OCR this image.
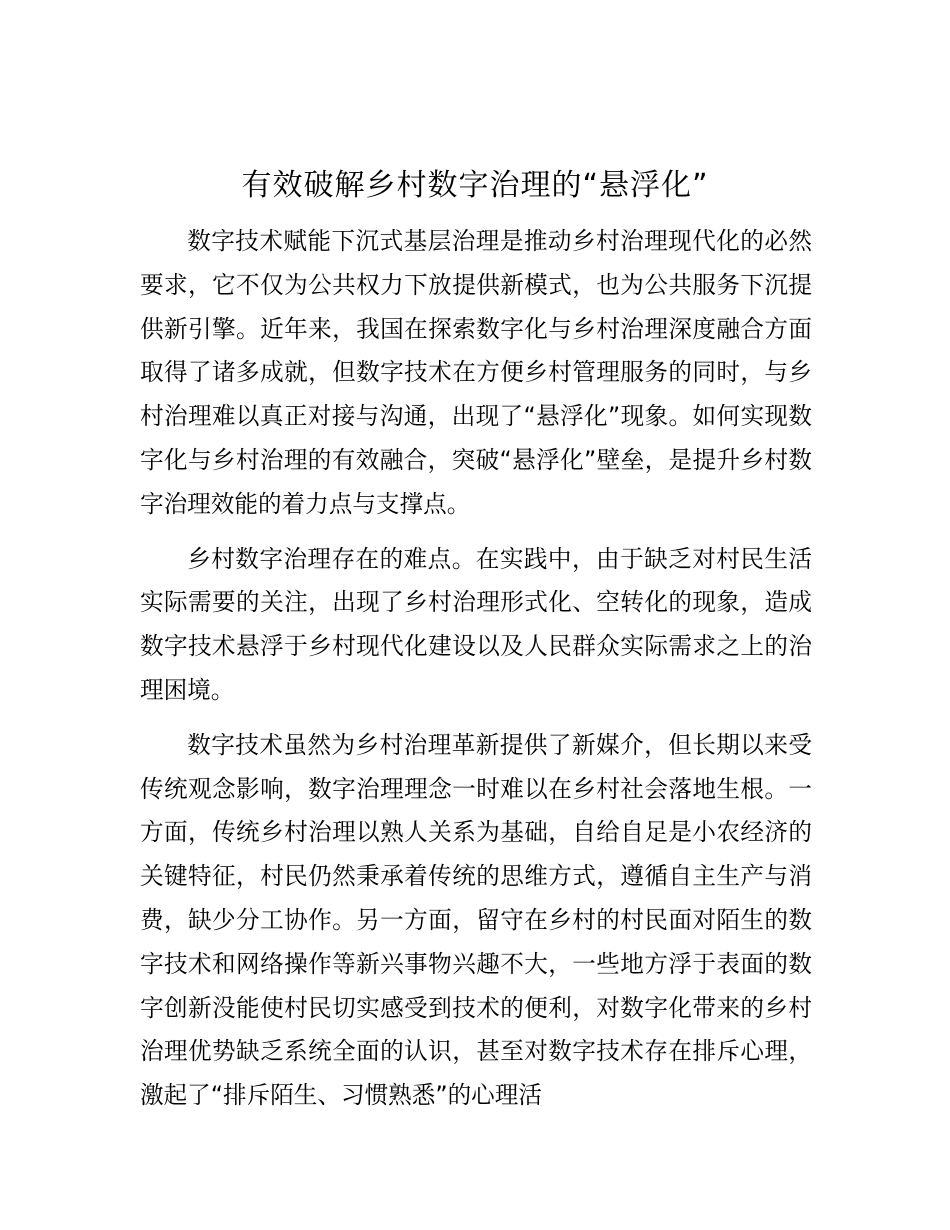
有效破解乡村数字治理的“悬浮化”

数字技术赋能下沉式基层治理是推动乡村治理现代化的必然要求，它不仅为公共权力下放提供新模式，也为公共服务下沉提供新引擎。近年来，我国在探索数字化与乡村治理深度融合方面取得了诸多成就，但数字技术在方便乡村管理服务的同时，与乡村治理难以真正对接与沟通，出现了“悬浮化”现象。如何实现数字化与乡村治理的有效融合，突破“悬浮化”壁垒，是提升乡村数字治理效能的着力点与支撑点。

乡村数字治理存在的难点。在实践中，由于缺乏对村民生活实际需要的关注，出现了乡村治理形式化、空转化的现象，造成数字技术悬浮于乡村现代化建设以及人民群众实际需求之上的治理困境。

数字技术虽然为乡村治理革新提供了新媒介，但长期以来受传统观念影响，数字治理理念一时难以在乡村社会落地生根。一方面，传统乡村治理以熟人关系为基础，自给自足是小农经济的关键特征，村民仍然秉承着传统的思维方式，遵循自主生产与消费，缺少分工协作。另一方面，留守在乡村的村民面对陌生的数字技术和网络操作等新兴事物兴趣不大，一些地方浮于表面的数字创新没能使村民切实感受到技术的便利，对数字化带来的乡村治理优势缺乏系统全面的认识，甚至对数字技术存在排斥心理，激起了“排斥陌生、习惯熟悉”的心理活
